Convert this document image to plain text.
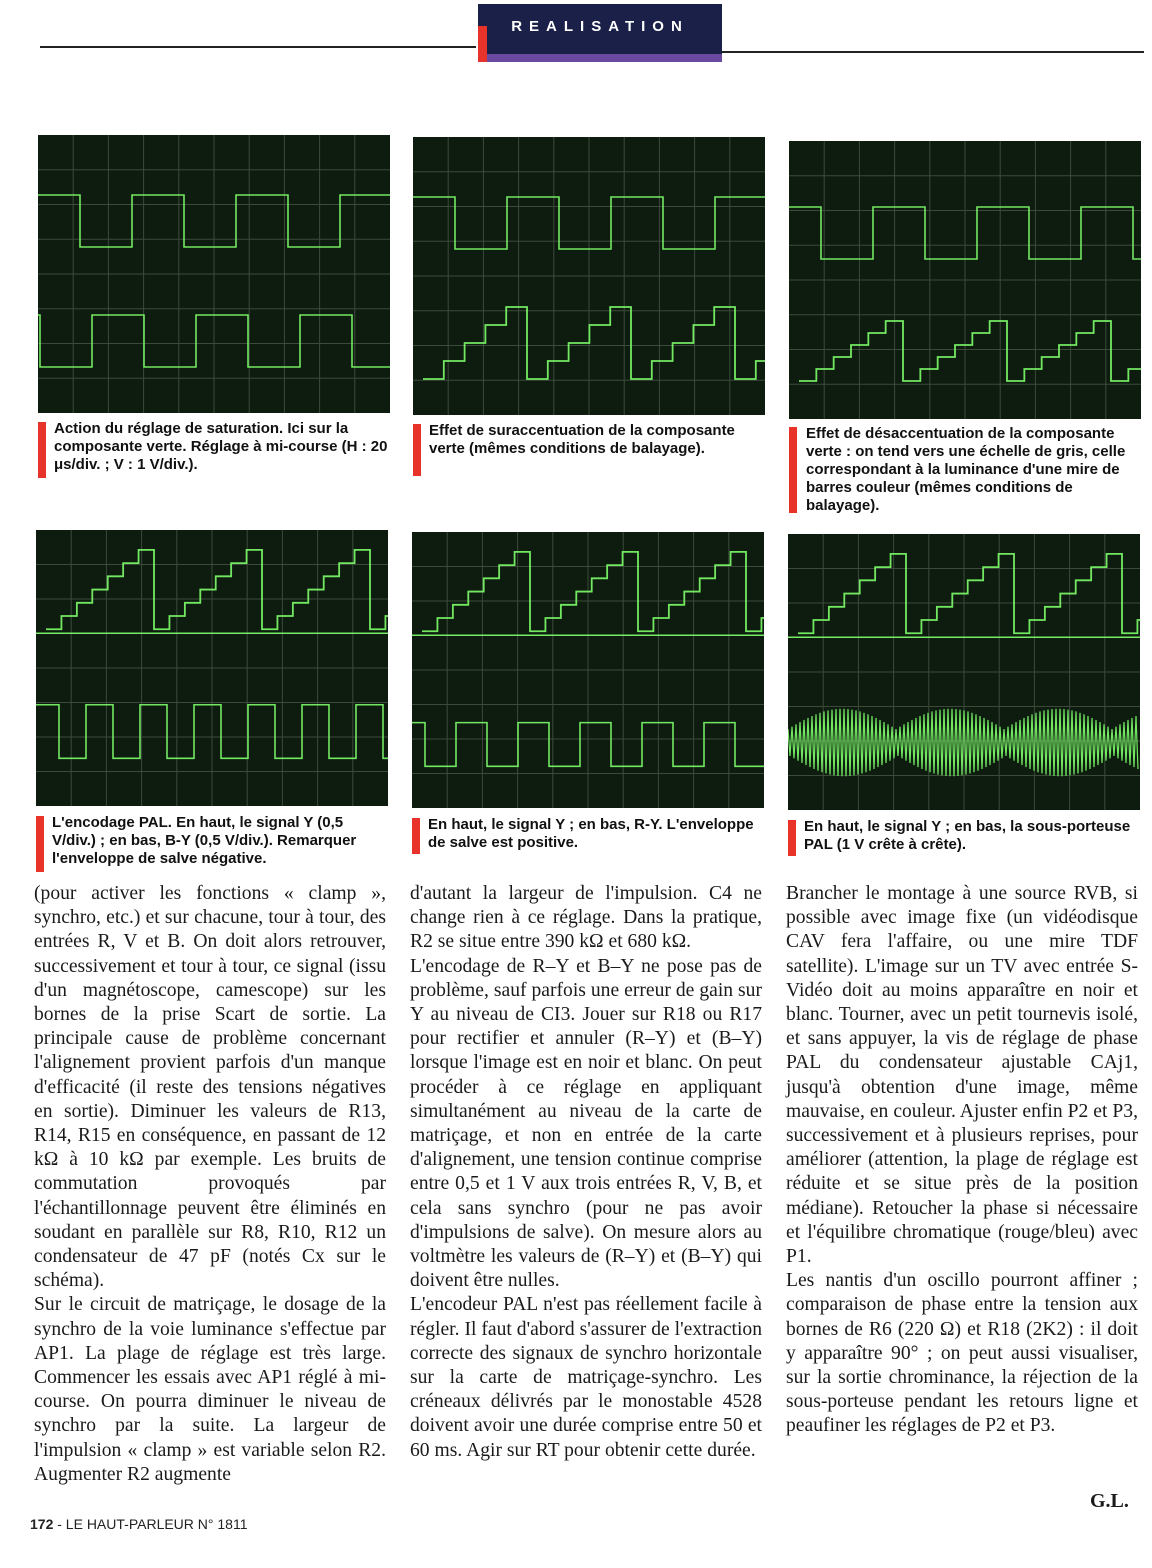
REALISATION

Action du réglage de saturation. Ici sur la composante verte. Réglage à mi-course (H : 20 μs/div. ; V : 1 V/div.).

Effet de suraccentuation de la composante verte (mêmes conditions de balayage).

Effet de désaccentuation de la composante verte : on tend vers une échelle de gris, celle correspondant à la luminance d'une mire de barres couleur (mêmes conditions de balayage).

L'encodage PAL. En haut, le signal Y (0,5 V/div.) ; en bas, B-Y (0,5 V/div.). Remarquer l'enveloppe de salve négative.

En haut, le signal Y ; en bas, R-Y. L'enveloppe de salve est positive.

En haut, le signal Y ; en bas, la sous-porteuse PAL (1 V crête à crête).

(pour activer les fonctions « clamp », synchro, etc.) et sur chacune, tour à tour, des entrées R, V et B. On doit alors retrouver, successivement et tour à tour, ce signal (issu d'un magnétoscope, camescope) sur les bornes de la prise Scart de sortie. La principale cause de problème concernant l'alignement provient parfois d'un manque d'efficacité (il reste des tensions négatives en sortie). Diminuer les valeurs de R13, R14, R15 en conséquence, en passant de 12 kΩ à 10 kΩ par exemple. Les bruits de commutation provoqués par l'échantillonnage peuvent être éliminés en soudant en parallèle sur R8, R10, R12 un condensateur de 47 pF (notés Cx sur le schéma).

Sur le circuit de matriçage, le dosage de la synchro de la voie luminance s'effectue par AP1. La plage de réglage est très large. Commencer les essais avec AP1 réglé à mi-course. On pourra diminuer le niveau de synchro par la suite. La largeur de l'impulsion « clamp » est variable selon R2. Augmenter R2 augmente

d'autant la largeur de l'impulsion. C4 ne change rien à ce réglage. Dans la pratique, R2 se situe entre 390 kΩ et 680 kΩ.

L'encodage de R–Y et B–Y ne pose pas de problème, sauf parfois une erreur de gain sur Y au niveau de CI3. Jouer sur R18 ou R17 pour rectifier et annuler (R–Y) et (B–Y) lorsque l'image est en noir et blanc. On peut procéder à ce réglage en appliquant simultanément au niveau de la carte de matriçage, et non en entrée de la carte d'alignement, une tension continue comprise entre 0,5 et 1 V aux trois entrées R, V, B, et cela sans synchro (pour ne pas avoir d'impulsions de salve). On mesure alors au voltmètre les valeurs de (R–Y) et (B–Y) qui doivent être nulles.

L'encodeur PAL n'est pas réellement facile à régler. Il faut d'abord s'assurer de l'extraction correcte des signaux de synchro horizontale sur la carte de matriçage-synchro. Les créneaux délivrés par le monostable 4528 doivent avoir une durée comprise entre 50 et 60 ms. Agir sur RT pour obtenir cette durée.

Brancher le montage à une source RVB, si possible avec image fixe (un vidéodisque CAV fera l'affaire, ou une mire TDF satellite). L'image sur un TV avec entrée S-Vidéo doit au moins apparaître en noir et blanc. Tourner, avec un petit tournevis isolé, et sans appuyer, la vis de réglage de phase PAL du condensateur ajustable CAj1, jusqu'à obtention d'une image, même mauvaise, en couleur. Ajuster enfin P2 et P3, successivement et à plusieurs reprises, pour améliorer (attention, la plage de réglage est réduite et se situe près de la position médiane). Retoucher la phase si nécessaire et l'équilibre chromatique (rouge/bleu) avec P1.

Les nantis d'un oscillo pourront affiner ; comparaison de phase entre la tension aux bornes de R6 (220 Ω) et R18 (2K2) : il doit y apparaître 90° ; on peut aussi visualiser, sur la sortie chrominance, la réjection de la sous-porteuse pendant les retours ligne et peaufiner les réglages de P2 et P3.

G.L.
172 - LE HAUT-PARLEUR N° 1811
